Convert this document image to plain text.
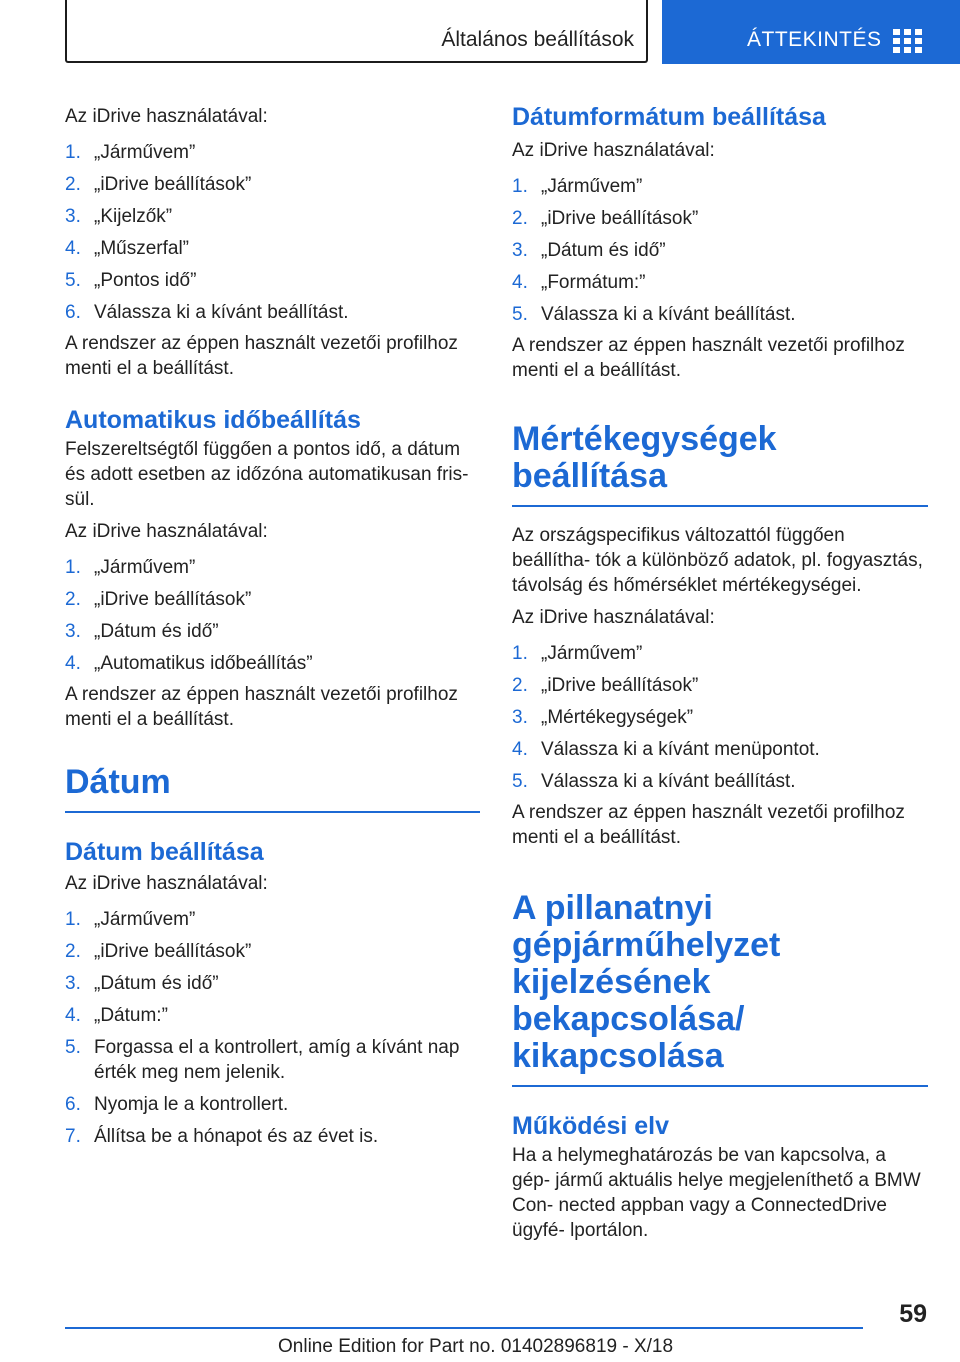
Általános beállítások	ÁTTEKINTÉS

Az iDrive használatával:

1. „Járművem”
2. „iDrive beállítások”
3. „Kijelzők”
4. „Műszerfal”
5. „Pontos idő”
6. Válassza ki a kívánt beállítást.

A rendszer az éppen használt vezetői profilhoz menti el a beállítást.

Automatikus időbeállítás

Felszereltségtől függően a pontos idő, a dátum és adott esetben az időzóna automatikusan fris‐ sül.

Az iDrive használatával:

1. „Járművem”
2. „iDrive beállítások”
3. „Dátum és idő”
4. „Automatikus időbeállítás”

A rendszer az éppen használt vezetői profilhoz menti el a beállítást.

Dátum
Dátum beállítása

Az iDrive használatával:

1. „Járművem”
2. „iDrive beállítások”
3. „Dátum és idő”
4. „Dátum:”
5. Forgassa el a kontrollert, amíg a kívánt nap érték meg nem jelenik.
6. Nyomja le a kontrollert.
7. Állítsa be a hónapot és az évet is.
Dátumformátum beállítása

Az iDrive használatával:

1. „Járművem”
2. „iDrive beállítások”
3. „Dátum és idő”
4. „Formátum:”
5. Válassza ki a kívánt beállítást.

A rendszer az éppen használt vezetői profilhoz menti el a beállítást.

Mértékegységek beállítása

Az országspecifikus változattól függően beállítha‐ tók a különböző adatok, pl. fogyasztás, távolság és hőmérséklet mértékegységei.

Az iDrive használatával:

1. „Járművem”
2. „iDrive beállítások”
3. „Mértékegységek”
4. Válassza ki a kívánt menüpontot.
5. Válassza ki a kívánt beállítást.

A rendszer az éppen használt vezetői profilhoz menti el a beállítást.

A pillanatnyi gépjárműhelyzet kijelzésének bekapcsolása/ kikapcsolása
Működési elv

Ha a helymeghatározás be van kapcsolva, a gép‐ jármű aktuális helye megjeleníthető a BMW Con‐ nected appban vagy a ConnectedDrive ügyfé‐ lportálon.

59
Online Edition for Part no. 01402896819 - X/18
